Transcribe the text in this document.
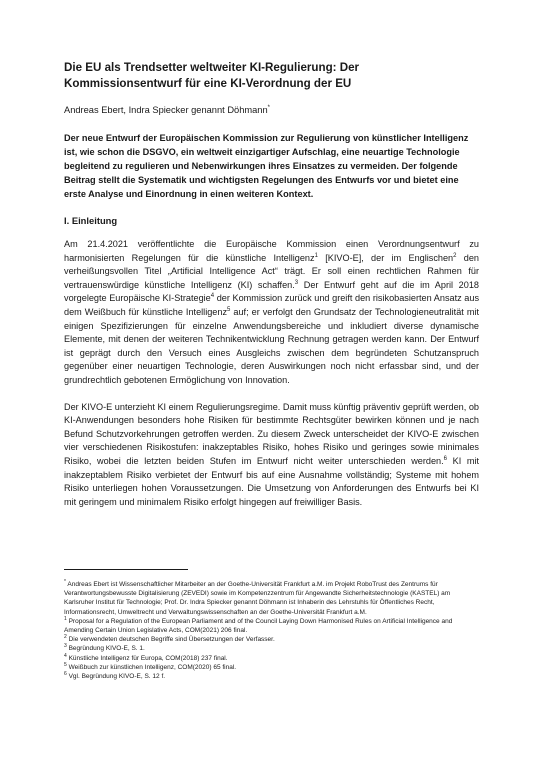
Die EU als Trendsetter weltweiter KI-Regulierung: Der Kommissionsentwurf für eine KI-Verordnung der EU

Andreas Ebert, Indra Spiecker genannt Döhmann*

Der neue Entwurf der Europäischen Kommission zur Regulierung von künstlicher Intelligenz ist, wie schon die DSGVO, ein weltweit einzigartiger Aufschlag, eine neuartige Technologie begleitend zu regulieren und Nebenwirkungen ihres Einsatzes zu vermeiden. Der folgende Beitrag stellt die Systematik und wichtigsten Regelungen des Entwurfs vor und bietet eine erste Analyse und Einordnung in einen weiteren Kontext.

I. Einleitung

Am 21.4.2021 veröffentlichte die Europäische Kommission einen Verordnungsentwurf zu harmonisierten Regelungen für die künstliche Intelligenz$^1$ [KIVO-E], der im Englischen$^2$ den verheißungsvollen Titel „Artificial Intelligence Act“ trägt. Er soll einen rechtlichen Rahmen für vertrauenswürdige künstliche Intelligenz (KI) schaffen.$^3$ Der Entwurf geht auf die im April 2018 vorgelegte Europäische KI-Strategie$^4$ der Kommission zurück und greift den risikobasierten Ansatz aus dem Weißbuch für künstliche Intelligenz$^5$ auf; er verfolgt den Grundsatz der Technologieneutralität mit einigen Spezifizierungen für einzelne Anwendungsbereiche und inkludiert diverse dynamische Elemente, mit denen der weiteren Technikentwicklung Rechnung getragen werden kann. Der Entwurf ist geprägt durch den Versuch eines Ausgleichs zwischen dem begründeten Schutzanspruch gegenüber einer neuartigen Technologie, deren Auswirkungen noch nicht erfassbar sind, und der grundrechtlich gebotenen Ermöglichung von Innovation.

Der KIVO-E unterzieht KI einem Regulierungsregime. Damit muss künftig präventiv geprüft werden, ob KI-Anwendungen besonders hohe Risiken für bestimmte Rechtsgüter bewirken können und je nach Befund Schutzvorkehrungen getroffen werden. Zu diesem Zweck unterscheidet der KIVO-E zwischen vier verschiedenen Risikostufen: inakzeptables Risiko, hohes Risiko und geringes sowie minimales Risiko, wobei die letzten beiden Stufen im Entwurf nicht weiter unterschieden werden.$^6$ KI mit inakzeptablem Risiko verbietet der Entwurf bis auf eine Ausnahme vollständig; Systeme mit hohem Risiko unterliegen hohen Voraussetzungen. Die Umsetzung von Anforderungen des Entwurfs bei KI mit geringem und minimalem Risiko erfolgt hingegen auf freiwilliger Basis.

* Andreas Ebert ist Wissenschaftlicher Mitarbeiter an der Goethe-Universität Frankfurt a.M. im Projekt RoboTrust des Zentrums für Verantwortungsbewusste Digitalisierung (ZEVEDI) sowie im Kompetenzzentrum für Angewandte Sicherheitstechnologie (KASTEL) am Karlsruher Institut für Technologie; Prof. Dr. Indra Spiecker genannt Döhmann ist Inhaberin des Lehrstuhls für Öffentliches Recht, Informationsrecht, Umweltrecht und Verwaltungswissenschaften an der Goethe-Universität Frankfurt a.M.

$^1$ Proposal for a Regulation of the European Parliament and of the Council Laying Down Harmonised Rules on Artificial Intelligence and Amending Certain Union Legislative Acts, COM(2021) 206 final.

$^2$ Die verwendeten deutschen Begriffe sind Übersetzungen der Verfasser.

$^3$ Begründung KIVO-E, S. 1.

$^4$ Künstliche Intelligenz für Europa, COM(2018) 237 final.

$^5$ Weißbuch zur künstlichen Intelligenz, COM(2020) 65 final.

$^6$ Vgl. Begründung KIVO-E, S. 12 f.
